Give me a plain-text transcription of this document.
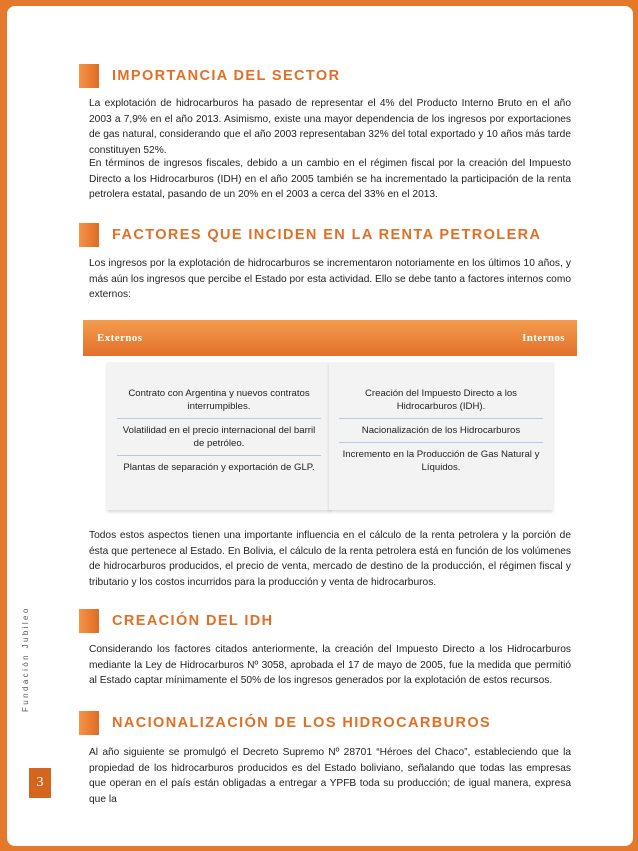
Fundación Jubileo
3
IMPORTANCIA DEL SECTOR
La explotación de hidrocarburos ha pasado de representar el 4% del Producto Interno Bruto en el año 2003 a 7,9% en el año 2013. Asimismo, existe una mayor dependencia de los ingresos por exportaciones de gas natural, considerando que el año 2003 representaban 32% del total exportado y 10 años más tarde constituyen 52%.
En términos de ingresos fiscales, debido a un cambio en el régimen fiscal por la creación del Impuesto Directo a los Hidrocarburos (IDH) en el año 2005 también se ha incrementado la participación de la renta petrolera estatal, pasando de un 20% en el 2003 a cerca del 33% en el 2013.
FACTORES QUE INCIDEN EN LA RENTA PETROLERA
Los ingresos por la explotación de hidrocarburos se incrementaron notoriamente en los últimos 10 años, y más aún los ingresos que percibe el Estado por esta actividad. Ello se debe tanto a factores internos como externos:
Externos
Contrato con Argentina y nuevos contratos interrumpibles.
Volatilidad en el precio internacional del barril de petróleo.
Plantas de separación y exportación de GLP.
Internos
Creación del Impuesto Directo a los Hidrocarburos (IDH).
Nacionalización de los Hidrocarburos
Incremento en la Producción de Gas Natural y Líquidos.
Todos estos aspectos tienen una importante influencia en el cálculo de la renta petrolera y la porción de ésta que pertenece al Estado. En Bolivia, el cálculo de la renta petrolera está en función de los volúmenes de hidrocarburos producidos, el precio de venta, mercado de destino de la producción, el régimen fiscal y tributario y los costos incurridos para la producción y venta de hidrocarburos.
CREACIÓN DEL IDH
Considerando los factores citados anteriormente, la creación del Impuesto Directo a los Hidrocarburos mediante la Ley de Hidrocarburos Nº 3058, aprobada el 17 de mayo de 2005, fue la medida que permitió al Estado captar mínimamente el 50% de los ingresos generados por la explotación de estos recursos.
NACIONALIZACIÓN DE LOS HIDROCARBUROS
Al año siguiente se promulgó el Decreto Supremo Nº 28701 “Héroes del Chaco”, estableciendo que la propiedad de los hidrocarburos producidos es del Estado boliviano, señalando que todas las empresas que operan en el país están obligadas a entregar a YPFB toda su producción; de igual manera, expresa que la
